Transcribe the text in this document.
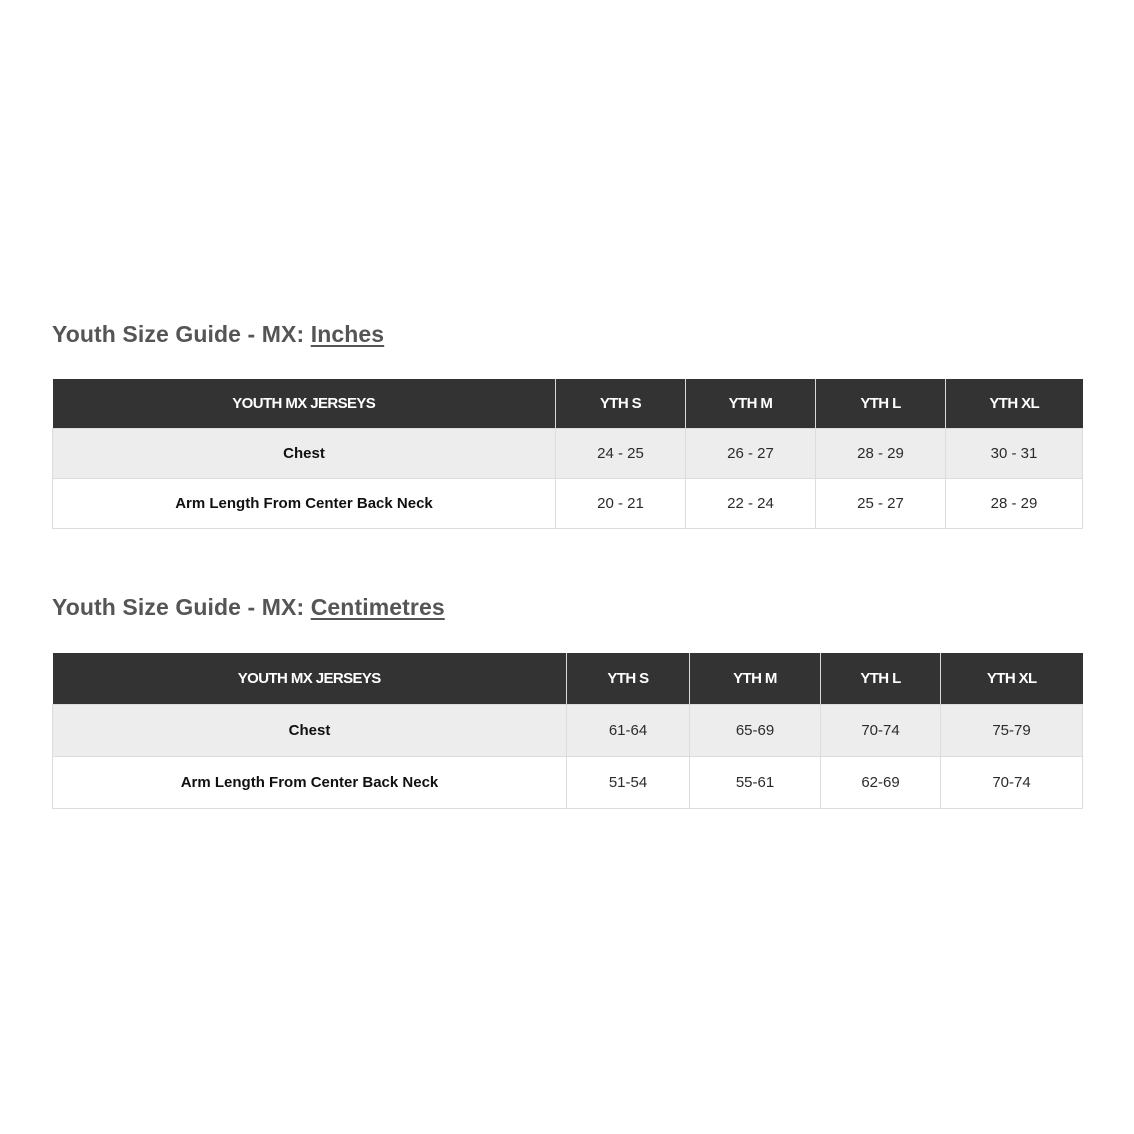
Youth Size Guide - MX: Inches
YOUTH MX JERSEYS	YTH S	YTH M	YTH L	YTH XL
Chest	24 - 25	26 - 27	28 - 29	30 - 31
Arm Length From Center Back Neck	20 - 21	22 - 24	25 - 27	28 - 29
Youth Size Guide - MX: Centimetres
YOUTH MX JERSEYS	YTH S	YTH M	YTH L	YTH XL
Chest	61-64	65-69	70-74	75-79
Arm Length From Center Back Neck	51-54	55-61	62-69	70-74
